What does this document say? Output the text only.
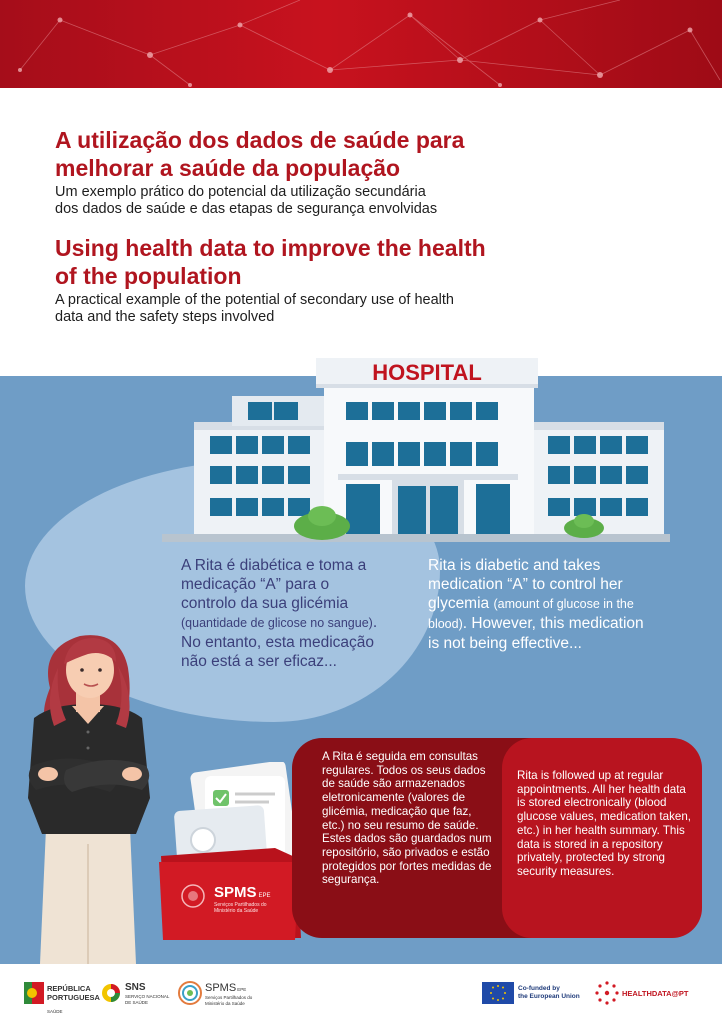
A utilização dos dados de saúde para
melhorar a saúde da população
Um exemplo prático do potencial da utilização secundária
dos dados de saúde e das etapas de segurança envolvidas
Using health data to improve the health
of the population
A practical example of the potential of secondary use of health
data and the safety steps involved
HOSPITAL
A Rita é diabética e toma a medicação “A” para o controlo da sua glicémia (quantidade de glicose no sangue). No entanto, esta medicação não está a ser eficaz...
Rita is diabetic and takes medication “A” to control her glycemia (amount of glucose in the blood). However, this medication is not being effective...
SPMS EPE
Serviços Partilhados do Ministério da Saúde
A Rita é seguida em consultas regulares. Todos os seus dados de saúde são armazenados eletronicamente (valores de glicémia, medicação que faz, etc.) no seu resumo de saúde. Estes dados são guardados num repositório, são privados e estão protegidos por fortes medidas de segurança.
Rita is followed up at regular appointments. All her health data is stored electronically (blood glucose values, medication taken, etc.) in her health summary. This data is stored in a repository privately, protected by strong security measures.
REPÚBLICA
PORTUGUESA
SAÚDE
SNS
SERVIÇO NACIONAL
DE SAÚDE
SPMSEPE
Serviços Partilhados do
Ministério da Saúde
Co-funded by
the European Union	HEALTHDATA@PT
